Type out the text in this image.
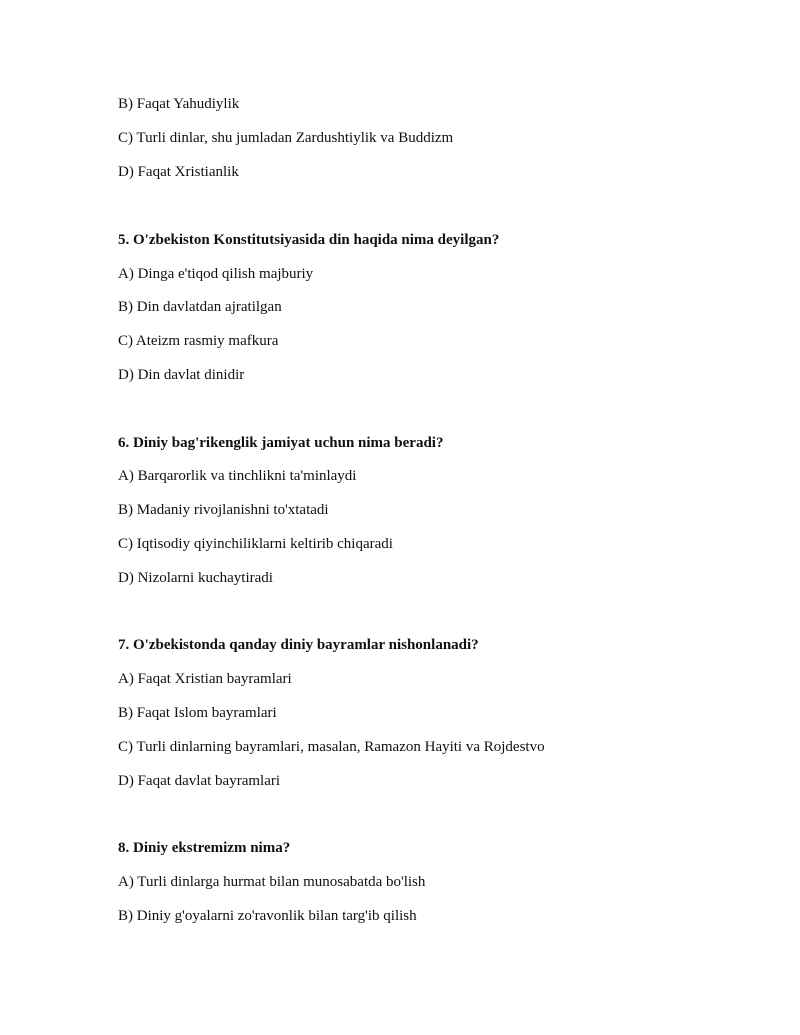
B) Faqat Yahudiylik
C) Turli dinlar, shu jumladan Zardushtiylik va Buddizm
D) Faqat Xristianlik
5. O'zbekiston Konstitutsiyasida din haqida nima deyilgan?
A) Dinga e'tiqod qilish majburiy
B) Din davlatdan ajratilgan
C) Ateizm rasmiy mafkura
D) Din davlat dinidir
6. Diniy bag'rikenglik jamiyat uchun nima beradi?
A) Barqarorlik va tinchlikni ta'minlaydi
B) Madaniy rivojlanishni to'xtatadi
C) Iqtisodiy qiyinchiliklarni keltirib chiqaradi
D) Nizolarni kuchaytiradi
7. O'zbekistonda qanday diniy bayramlar nishonlanadi?
A) Faqat Xristian bayramlari
B) Faqat Islom bayramlari
C) Turli dinlarning bayramlari, masalan, Ramazon Hayiti va Rojdestvo
D) Faqat davlat bayramlari
8. Diniy ekstremizm nima?
A) Turli dinlarga hurmat bilan munosabatda bo'lish
B) Diniy g'oyalarni zo'ravonlik bilan targ'ib qilish
